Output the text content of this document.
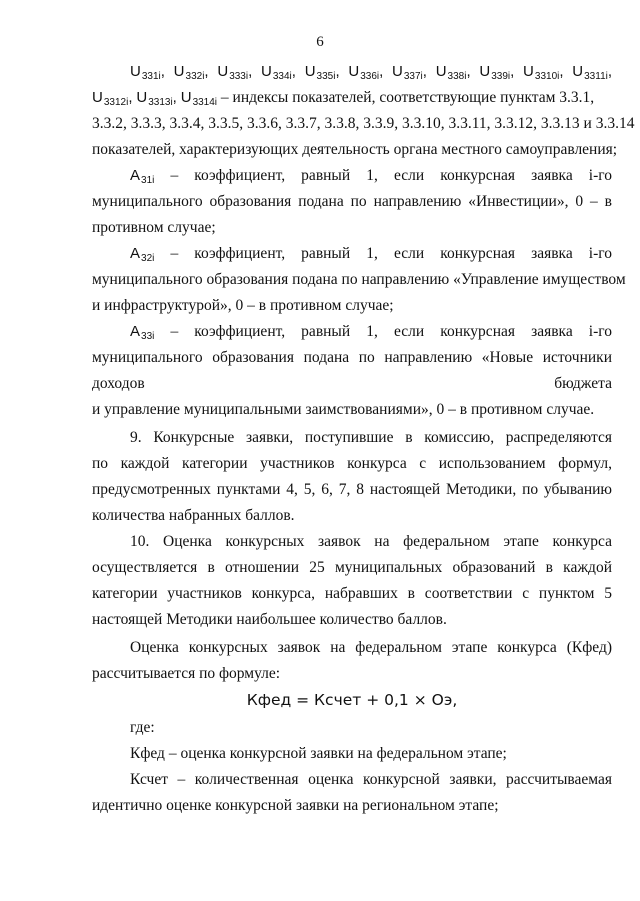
6
$U_{331i}$, $U_{332i}$, $U_{333i}$, $U_{334i}$, $U_{335i}$, $U_{336i}$, $U_{337i}$, $U_{338i}$, $U_{339i}$, $U_{3310i}$, $U_{3311i}$,
$U_{3312i}$, $U_{3313i}$, $U_{3314i}$ – индексы показателей, соответствующие пунктам 3.3.1,
3.3.2, 3.3.3, 3.3.4, 3.3.5, 3.3.6, 3.3.7, 3.3.8, 3.3.9, 3.3.10, 3.3.11, 3.3.12, 3.3.13 и 3.3.14
показателей, характеризующих деятельность органа местного самоуправления;
$A_{31i}$ – коэффициент, равный 1, если конкурсная заявка i-го
муниципального образования подана по направлению «Инвестиции», 0 – в
противном случае;
$A_{32i}$ – коэффициент, равный 1, если конкурсная заявка i-го
муниципального образования подана по направлению «Управление имуществом
и инфраструктурой», 0 – в противном случае;
$A_{33i}$ – коэффициент, равный 1, если конкурсная заявка i-го
муниципального образования подана по направлению «Новые источники
доходов бюджета
и управление муниципальными заимствованиями», 0 – в противном случае.
9. Конкурсные заявки, поступившие в комиссию, распределяются
по каждой категории участников конкурса с использованием формул,
предусмотренных пунктами 4, 5, 6, 7, 8 настоящей Методики, по убыванию
количества набранных баллов.
10. Оценка конкурсных заявок на федеральном этапе конкурса
осуществляется в отношении 25 муниципальных образований в каждой
категории участников конкурса, набравших в соответствии с пунктом 5
настоящей Методики наибольшее количество баллов.
Оценка конкурсных заявок на федеральном этапе конкурса (Кфед)
рассчитывается по формуле:
Кфед = Ксчет + 0,1 × Оэ,
где:
Кфед – оценка конкурсной заявки на федеральном этапе;
Ксчет – количественная оценка конкурсной заявки, рассчитываемая
идентично оценке конкурсной заявки на региональном этапе;
